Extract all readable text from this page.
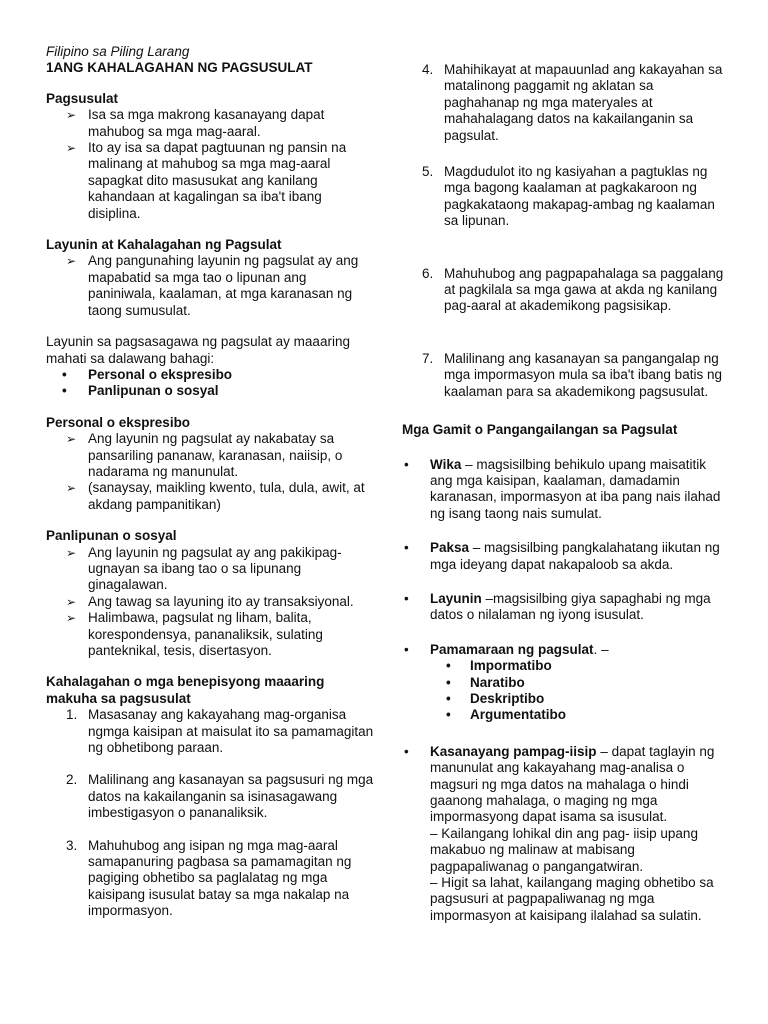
Filipino sa Piling Larang
1ANG KAHALAGAHAN NG PAGSUSULAT
Pagsusulat
➢ Isa sa mga makrong kasanayang dapat mahubog sa mga mag-aaral.
➢ Ito ay isa sa dapat pagtuunan ng pansin na malinang at mahubog sa mga mag-aaral sapagkat dito masusukat ang kanilang kahandaan at kagalingan sa iba't ibang disiplina.
Layunin at Kahalagahan ng Pagsulat
➢ Ang pangunahing layunin ng pagsulat ay ang mapabatid sa mga tao o lipunan ang paniniwala, kaalaman, at mga karanasan ng taong sumusulat.
Layunin sa pagsasagawa ng pagsulat ay maaaring mahati sa dalawang bahagi:
• Personal o ekspresibo
• Panlipunan o sosyal
Personal o ekspresibo
➢ Ang layunin ng pagsulat ay nakabatay sa pansariling pananaw, karanasan, naiisip, o nadarama ng manunulat.
➢ (sanaysay, maikling kwento, tula, dula, awit, at akdang pampanitikan)
Panlipunan o sosyal
➢ Ang layunin ng pagsulat ay ang pakikipag-ugnayan sa ibang tao o sa lipunang ginagalawan.
➢ Ang tawag sa layuning ito ay transaksiyonal.
➢ Halimbawa, pagsulat ng liham, balita, korespondensya, pananaliksik, sulating panteknikal, tesis, disertasyon.
Kahalagahan o mga benepisyong maaaring makuha sa pagsusulat
1. Masasanay ang kakayahang mag-organisa ngmga kaisipan at maisulat ito sa pamamagitan ng obhetibong paraan.
2. Malilinang ang kasanayan sa pagsusuri ng mga datos na kakailanganin sa isinasagawang imbestigasyon o pananaliksik.
3. Mahuhubog ang isipan ng mga mag-aaral samapanuring pagbasa sa pamamagitan ng pagiging obhetibo sa paglalatag ng mga kaisipang isusulat batay sa mga nakalap na impormasyon.
4. Mahihikayat at mapauunlad ang kakayahan sa matalinong paggamit ng aklatan sa paghahanap ng mga materyales at mahahalagang datos na kakailanganin sa pagsulat.
5. Magdudulot ito ng kasiyahan a pagtuklas ng mga bagong kaalaman at pagkakaroon ng pagkakataong makapag-ambag ng kaalaman sa lipunan.
6. Mahuhubog ang pagpapahalaga sa paggalang at pagkilala sa mga gawa at akda ng kanilang pag-aaral at akademikong pagsisikap.
7. Malilinang ang kasanayan sa pangangalap ng mga impormasyon mula sa iba't ibang batis ng kaalaman para sa akademikong pagsusulat.
Mga Gamit o Pangangailangan sa Pagsulat
• Wika – magsisilbing behikulo upang maisatitik ang mga kaisipan, kaalaman, damadamin karanasan, impormasyon at iba pang nais ilahad ng isang taong nais sumulat.
• Paksa – magsisilbing pangkalahatang iikutan ng mga ideyang dapat nakapaloob sa akda.
• Layunin –magsisilbing giya sapaghabi ng mga datos o nilalaman ng iyong isusulat.
• Pamamaraan ng pagsulat. –
• Impormatibo
• Naratibo
• Deskriptibo
• Argumentatibo
• Kasanayang pampag-iisip – dapat taglayin ng manunulat ang kakayahang mag-analisa o magsuri ng mga datos na mahalaga o hindi gaanong mahalaga, o maging ng mga impormasyong dapat isama sa isusulat.
– Kailangang lohikal din ang pag- iisip upang makabuo ng malinaw at mabisang pagpapaliwanag o pangangatwiran.
– Higit sa lahat, kailangang maging obhetibo sa pagsusuri at pagpapaliwanag ng mga impormasyon at kaisipang ilalahad sa sulatin.
